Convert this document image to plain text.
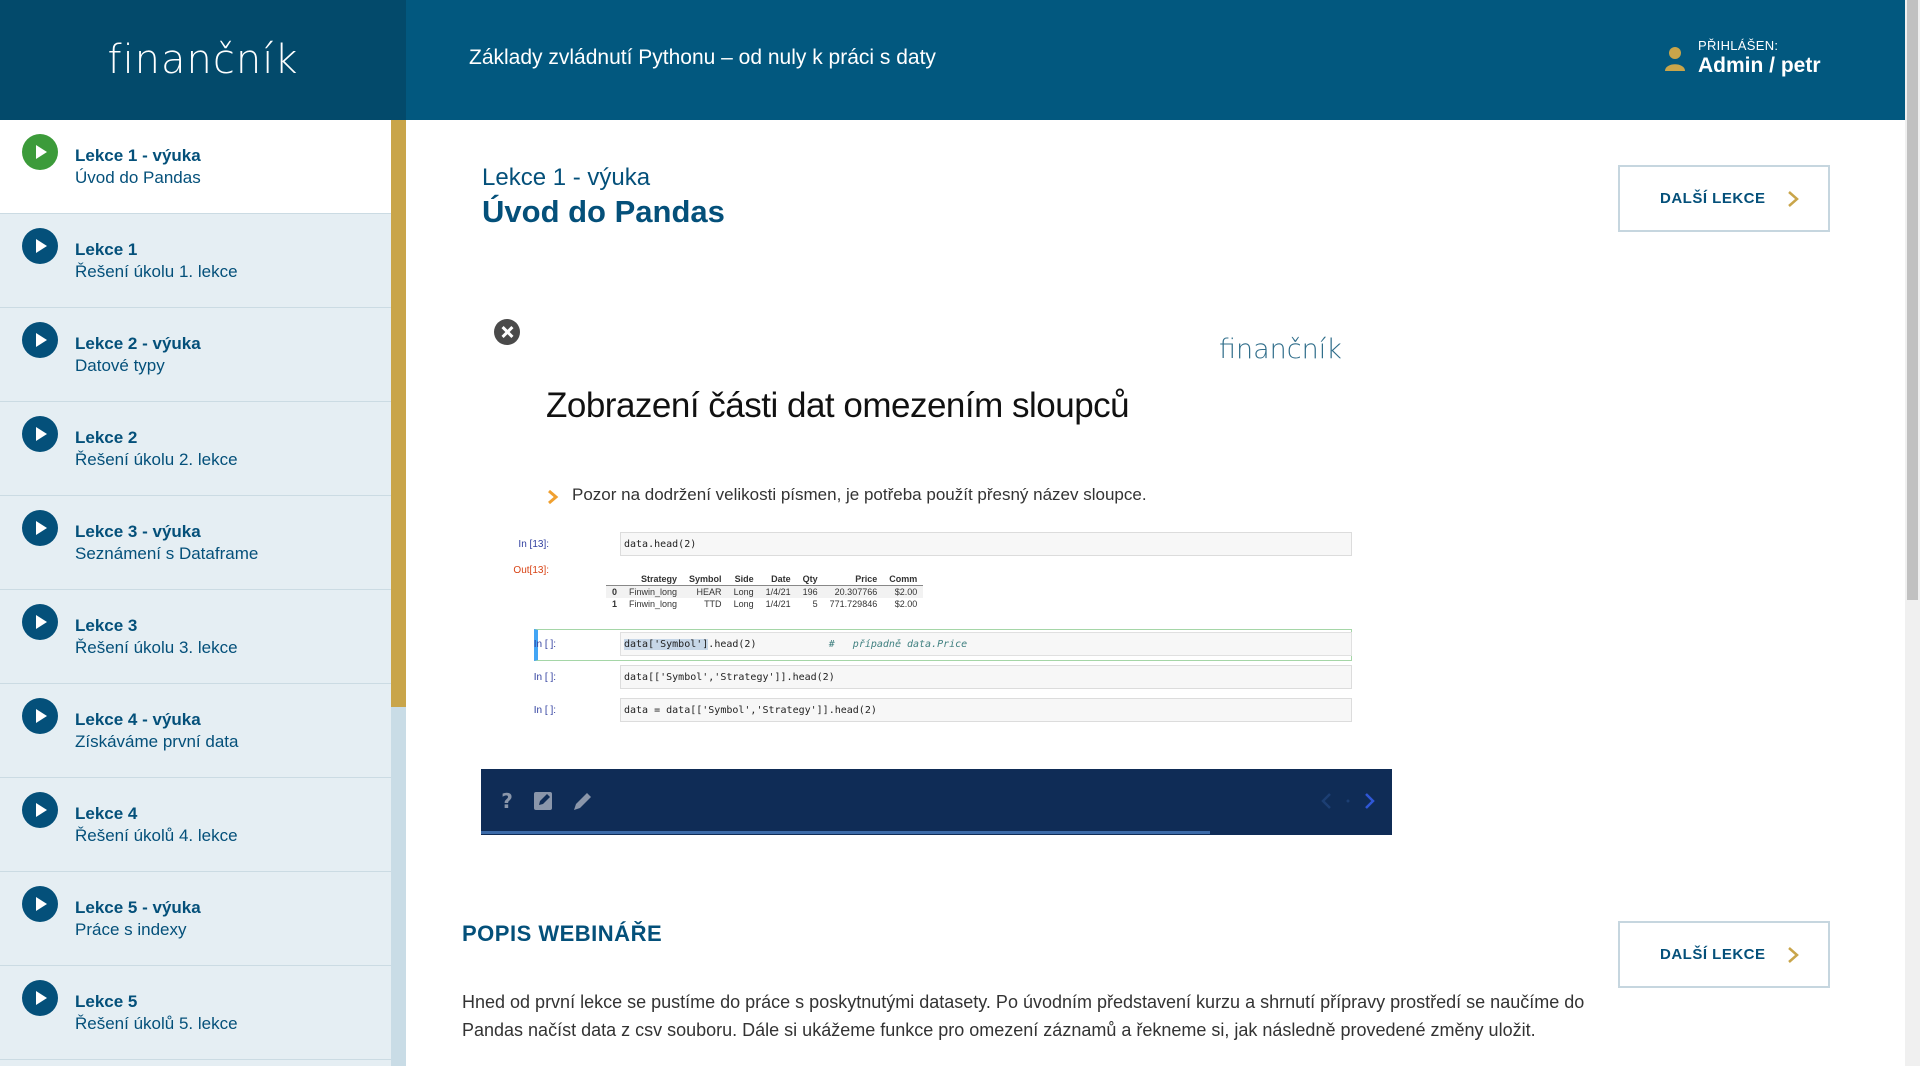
finančník	Základy zvládnutí Pythonu – od nuly k práci s daty
PŘIHLÁŠEN:
Admin / petr
Lekce 1 - výuka
Úvod do Pandas
Lekce 1
Řešení úkolu 1. lekce
Lekce 2 - výuka
Datové typy
Lekce 2
Řešení úkolu 2. lekce
Lekce 3 - výuka
Seznámení s Dataframe
Lekce 3
Řešení úkolu 3. lekce
Lekce 4 - výuka
Získáváme první data
Lekce 4
Řešení úkolů 4. lekce
Lekce 5 - výuka
Práce s indexy
Lekce 5
Řešení úkolů 5. lekce
Lekce 1 - výuka
Úvod do Pandas	DALŠÍ LEKCE
finančník
Zobrazení části dat omezením sloupců
Pozor na dodržení velikosti písmen, je potřeba použít přesný název sloupce.
In [13]:	data.head(2)
Out[13]:
	Strategy	Symbol	Side	Date	Qty	Price	Comm
0	Finwin_long	HEAR	Long	1/4/21	196	20.307766	$2.00
1	Finwin_long	TTD	Long	1/4/21	5	771.729846	$2.00
In [ ]:	data['Symbol'].head(2)	#   případně data.Price
In [ ]:	data[['Symbol','Strategy']].head(2)
In [ ]:	data = data[['Symbol','Strategy']].head(2)
?
POPIS WEBINÁŘE
DALŠÍ LEKCE
Hned od první lekce se pustíme do práce s poskytnutými datasety. Po úvodním představení kurzu a shrnutí přípravy prostředí se naučíme do Pandas načíst data z csv souboru. Dále si ukážeme funkce pro omezení záznamů a řekneme si, jak následně provedené změny uložit.
